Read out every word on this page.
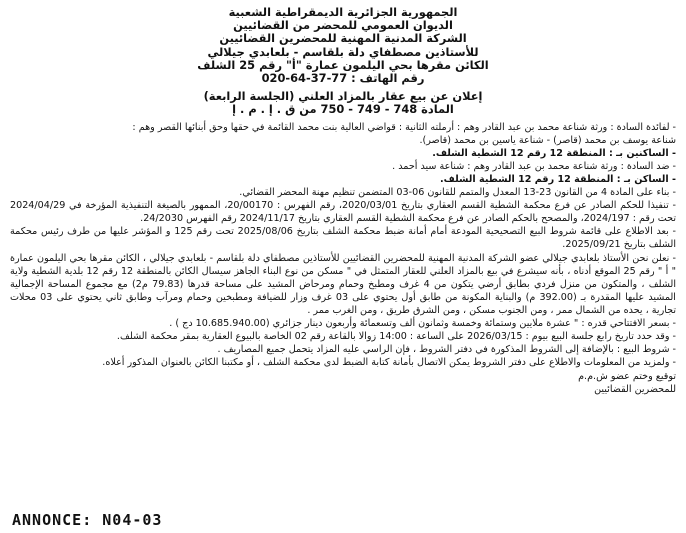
الجمهورية الجزائرية الديمقراطية الشعبية
الديوان العمومي للمحضر من القضائيين
الشركة المدنية المهنية للمحضرين القضائيين
للأستاذين مصطفاي دلة بلقاسم - بلعابدي جيلالي
الكائن مقرها بحي اليلمون عمارة "أ" رقم 25 الشلف
رقم الهاتف : 77-37-64-020
إعلان عن بيع عقار بالمزاد العلني (الجلسة الرابعة)
المادة 748 - 749 - 750 من ق . إ . م . إ

- لفائدة السادة : ورثة شناعة محمد بن عبد القادر وهم : أرملته الثانية : قواضي العالية بنت محمد القائمة في حقها وحق أبنائها القصر وهم :

شناعة يوسف بن محمد (قاصر) - شناعة ياسين بن محمد (قاصر).

- الساكنين بـ : المنطقة 12 رقم 12 الشطية الشلف.

- ضد السادة : ورثة شناعة محمد بن عبد القادر وهم : شناعة سيد أحمد .

- الساكن بـ : المنطقة 12 رقم 12 الشطية الشلف.

- بناء على المادة 4 من القانون 23-13 المعدل والمتمم للقانون 06-03 المتضمن تنظيم مهنة المحضر القضائي.

- تنفيذا للحكم الصادر عن فرع محكمة الشطية القسم العقاري بتاريخ 2020/03/01، رقم الفهرس : 20/00170، الممهور بالصيغة التنفيذية المؤرخة في 2024/04/29 تحت رقم : 2024/197، والمصحح بالحكم الصادر عن فرع محكمة الشطية القسم العقاري بتاريخ 2024/11/17 رقم الفهرس 24/2030.

- بعد الاطلاع على قائمة شروط البيع التصحيحية المودعة أمام أمانة ضبط محكمة الشلف بتاريخ 2025/08/06 تحت رقم 125 و المؤشر عليها من طرف رئيس محكمة الشلف بتاريخ 2025/09/21.

- نعلن نحن الأستاذ بلعابدي جيلالي عضو الشركة المدنية المهنية للمحضرين القضائيين للأستاذين مصطفاي دلة بلقاسم - بلعابدي جيلالي ، الكائن مقرها بحي اليلمون عمارة " أ " رقم 25 الموقع أدناه ، بأنه سيشرع في بيع بالمزاد العلني للعقار المتمثل في " مسكن من نوع البناء الجاهز سيسال الكائن بالمنطقة 12 رقم 12 بلدية الشطية ولاية الشلف ، والمتكون من منزل فردي بطابق أرضي يتكون من 4 غرف ومطبخ وحمام ومرحاض المشيد على مساحة قدرها (79.83 م2) مع مجموع المساحة الإجمالية المشيد عليها المقدرة بـ (392.00 م) والبناية المكونة من طابق أول يحتوي على 03 غرف وزار للضيافة ومطبخين وحمام ومرآب وطابق ثاني يحتوي على 03 محلات تجارية ، يحده من الشمال ممر ، ومن الجنوب مسكن ، ومن الشرق طريق ، ومن الغرب ممر .

- بسعر الافتتاحي قدره : " عشرة ملايين وستمائة وخمسة وثمانون ألف وتسعمائة وأربعون دينار جزائري (10.685.940.00 دج ) .

- وقد حدد تاريخ رابع جلسة البيع بيوم : 2026/03/15 على الساعة : 14:00 زوالا بالقاعة رقم 02 الخاصة بالبيوع العقارية بمقر محكمة الشلف.

- شروط البيع : بالإضافة إلى الشروط المذكورة في دفتر الشروط ، فإن الراسي عليه المزاد يتحمل جميع المصاريف .

- ولمزيد من المعلومات والاطلاع على دفتر الشروط يمكن الاتصال بأمانة كتابة الضبط لدى محكمة الشلف ، أو مكتبنا الكائن بالعنوان المذكور أعلاه.

توقيع وختم عضو ش.م.م
للمحضرين القضائيين
ANNONCE: N04-03
